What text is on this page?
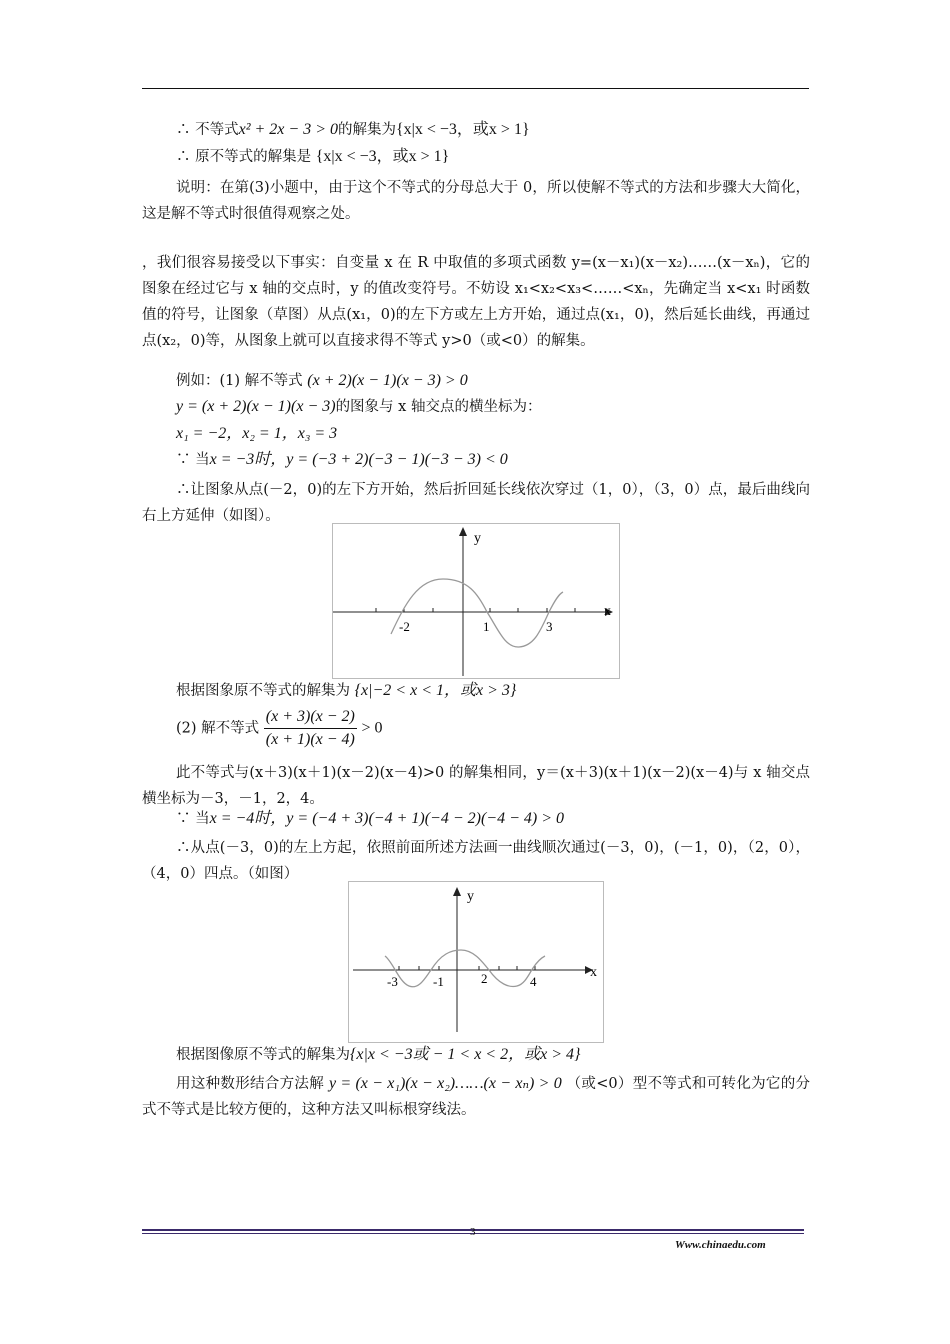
∴ 不等式x² + 2x − 3 > 0的解集为{x|x < −3，或x > 1}
∴ 原不等式的解集是 {x|x < −3，或x > 1}
说明：在第(3)小题中，由于这个不等式的分母总大于 0，所以使解不等式的方法和步骤大大简化，这是解不等式时很值得观察之处。
，我们很容易接受以下事实：自变量 x 在 R 中取值的多项式函数 y=(x－x₁)(x－x₂)……(x－xₙ)，它的图象在经过它与 x 轴的交点时，y 的值改变符号。不妨设 x₁<x₂<x₃<……<xₙ，先确定当 x<x₁ 时函数值的符号，让图象（草图）从点(x₁，0)的左下方或左上方开始，通过点(x₁，0)，然后延长曲线，再通过点(x₂，0)等，从图象上就可以直接求得不等式 y>0（或<0）的解集。
例如：(1) 解不等式 (x + 2)(x − 1)(x − 3) > 0
y = (x + 2)(x − 1)(x − 3)的图象与 x 轴交点的横坐标为：
x₁ = −2，x₂ = 1，x₃ = 3
∵ 当x = −3时，y = (−3 + 2)(−3 − 1)(−3 − 3) < 0
∴让图象从点(－2，0)的左下方开始，然后折回延长线依次穿过（1，0），（3，0）点，最后曲线向右上方延伸（如图）。
x
y
-2	1	3
根据图象原不等式的解集为 {x|−2 < x < 1，或x > 3}
(2) 解不等式 $\frac{(x + 3)(x - 2)}{(x + 1)(x - 4)} > 0$
此不等式与(x＋3)(x＋1)(x－2)(x－4)>0 的解集相同，y＝(x＋3)(x＋1)(x－2)(x－4)与 x 轴交点横坐标为－3，－1，2，4。
∵ 当x = −4时，y = (−4 + 3)(−4 + 1)(−4 − 2)(−4 − 4) > 0
∴从点(－3，0)的左上方起，依照前面所述方法画一曲线顺次通过(－3，0)，(－1，0)，（2，0），（4，0）四点。（如图）
x
y
-3	-1	2	4
根据图像原不等式的解集为{x|x < −3或 − 1 < x < 2，或x > 4}
用这种数形结合方法解 y = (x − x₁)(x − x₂)……(x − xₙ) > 0 （或<0）型不等式和可转化为它的分式不等式是比较方便的，这种方法又叫标根穿线法。
3
Www.chinaedu.com
